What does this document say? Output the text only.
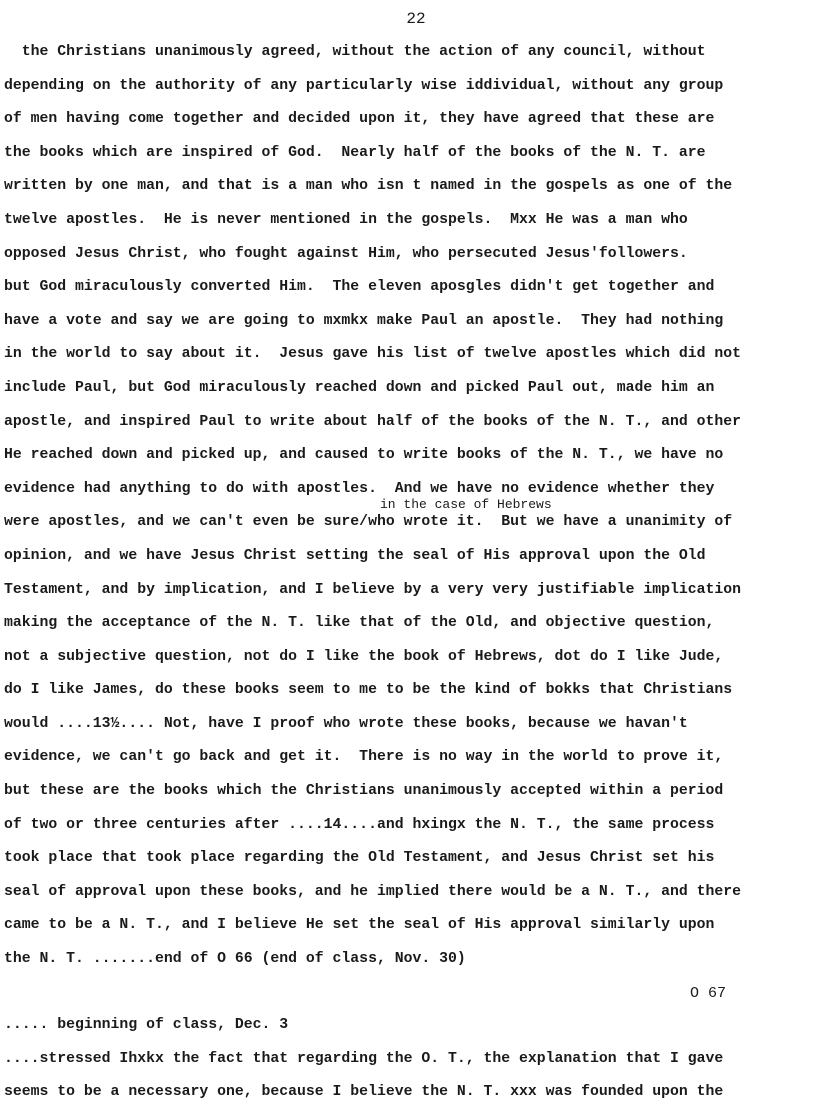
22
the Christians unanimously agreed, without the action of any council, without
depending on the authority of any particularly wise iddividual, without any group
of men having come together and decided upon it, they have agreed that these are
the books which are inspired of God.  Nearly half of the books of the N. T. are
written by one man, and that is a man who isn t named in the gospels as one of the
twelve apostles.  He is never mentioned in the gospels.  Mxx He was a man who
opposed Jesus Christ, who fought against Him, who persecuted Jesus'followers.
but God miraculously converted Him.  The eleven aposgles didn't get together and
have a vote and say we are going to mxmkx make Paul an apostle.  They had nothing
in the world to say about it.  Jesus gave his list of twelve apostles which did not
include Paul, but God miraculously reached down and picked Paul out, made him an
apostle, and inspired Paul to write about half of the books of the N. T., and other
He reached down and picked up, and caused to write books of the N. T., we have no
evidence had anything to do with apostles.  And we have no evidence whether they
were apostles, and we can't even be sure/who wrote it.  But we have a unanimity of
opinion, and we have Jesus Christ setting the seal of His approval upon the Old
Testament, and by implication, and I believe by a very very justifiable implication
making the acceptance of the N. T. like that of the Old, and objective question,
not a subjective question, not do I like the book of Hebrews, dot do I like Jude,
do I like James, do these books seem to me to be the kind of bokks that Christians
would ....13½.... Not, have I proof who wrote these books, because we havan't
evidence, we can't go back and get it.  There is no way in the world to prove it,
but these are the books which the Christians unanimously accepted within a period
of two or three centuries after ....14....and hxingx the N. T., the same process
took place that took place regarding the Old Testament, and Jesus Christ set his
seal of approval upon these books, and he implied there would be a N. T., and there
came to be a N. T., and I believe He set the seal of His approval similarly upon
the N. T. .......end of O 66 (end of class, Nov. 30)
in the case of Hebrews
O 67
..... beginning of class, Dec. 3
....stressed Ihxkx the fact that regarding the O. T., the explanation that I gave
seems to be a necessary one, because I believe the N. T. xxx was founded upon the
